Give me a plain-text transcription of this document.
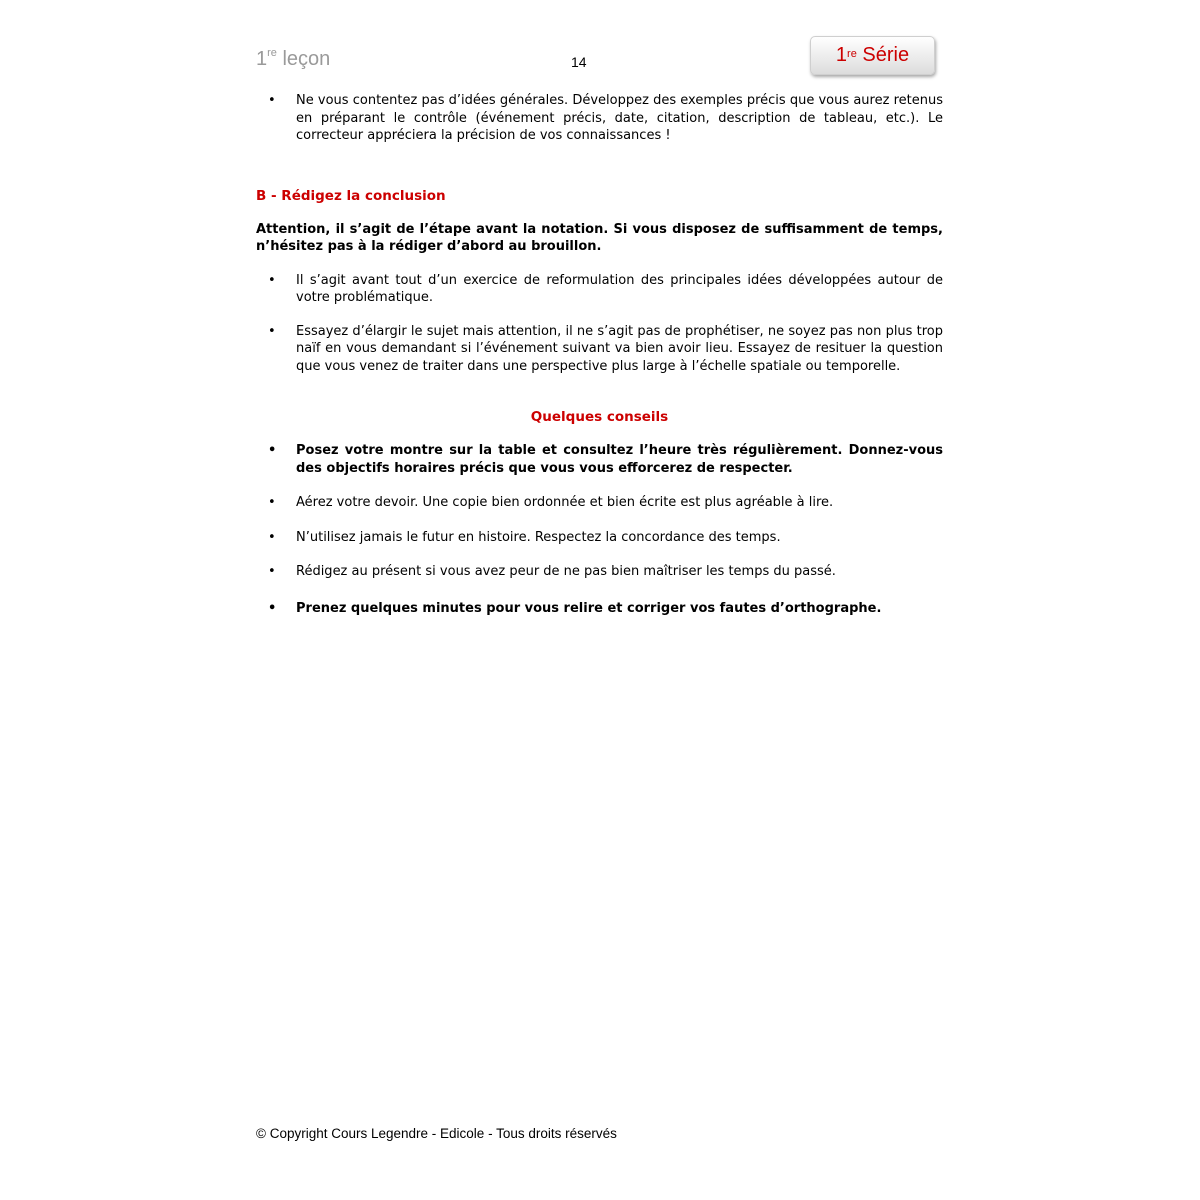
1re leçon	14	1re Série

• Ne vous contentez pas d’idées générales. Développez des exemples précis que vous aurez retenus en préparant le contrôle (événement précis, date, citation, description de tableau, etc.). Le correcteur appréciera la précision de vos connaissances !

B - Rédigez la conclusion

Attention, il s’agit de l’étape avant la notation. Si vous disposez de suffisamment de temps, n’hésitez pas à la rédiger d’abord au brouillon.

• Il s’agit avant tout d’un exercice de reformulation des principales idées développées autour de votre problématique.

• Essayez d’élargir le sujet mais attention, il ne s’agit pas de prophétiser, ne soyez pas non plus trop naïf en vous demandant si l’événement suivant va bien avoir lieu. Essayez de resituer la question que vous venez de traiter dans une perspective plus large à l’échelle spatiale ou temporelle.

Quelques conseils

• Posez votre montre sur la table et consultez l’heure très régulièrement. Donnez-vous des objectifs horaires précis que vous vous efforcerez de respecter.

• Aérez votre devoir. Une copie bien ordonnée et bien écrite est plus agréable à lire.

• N’utilisez jamais le futur en histoire. Respectez la concordance des temps.

• Rédigez au présent si vous avez peur de ne pas bien maîtriser les temps du passé.

• Prenez quelques minutes pour vous relire et corriger vos fautes d’orthographe.

© Copyright Cours Legendre - Edicole - Tous droits réservés
